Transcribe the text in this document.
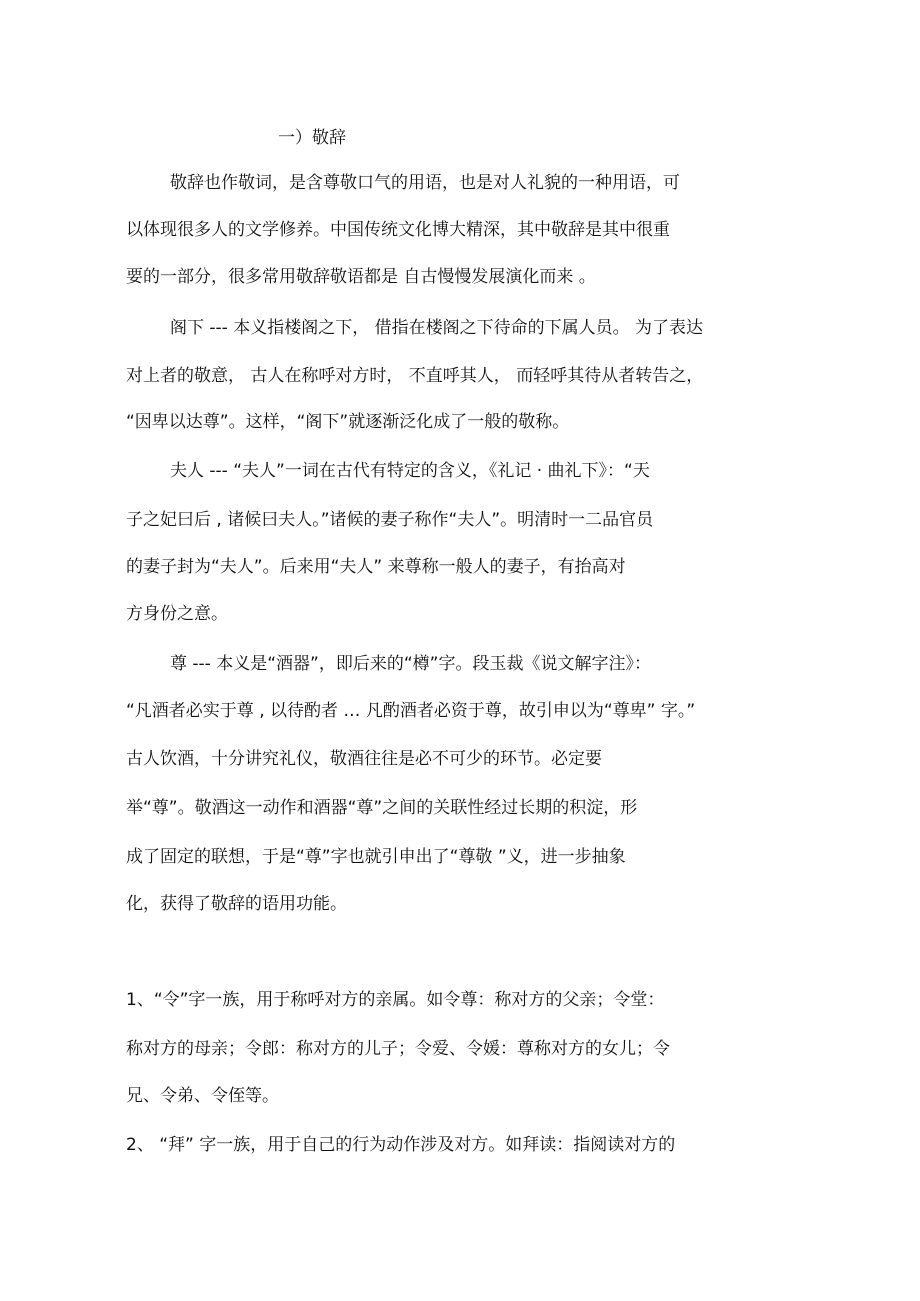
一）敬辞
敬辞也作敬词，是含尊敬口气的用语，也是对人礼貌的一种用语，可
以体现很多人的文学修养。中国传统文化博大精深，其中敬辞是其中很重
要的一部分，很多常用敬辞敬语都是 自古慢慢发展演化而来 。
阁下 --- 本义指楼阁之下， 借指在楼阁之下待命的下属人员。 为了表达
对上者的敬意， 古人在称呼对方时， 不直呼其人， 而轻呼其待从者转告之，
“因卑以达尊”。这样，“阁下”就逐渐泛化成了一般的敬称。
夫人 --- “夫人”一词在古代有特定的含义，《礼记 · 曲礼下》：“天
子之妃曰后 , 诸候曰夫人。”诸候的妻子称作“夫人”。明清时一二品官员
的妻子封为“夫人”。后来用“夫人” 来尊称一般人的妻子，有抬高对
方身份之意。
尊 --- 本义是“酒器”，即后来的“樽”字。段玉裁《说文解字注》：
“凡酒者必实于尊 , 以待酌者 … 凡酌酒者必资于尊，故引申以为“尊卑” 字。”
古人饮酒，十分讲究礼仪，敬酒往往是必不可少的环节。必定要
举“尊”。敬酒这一动作和酒器“尊”之间的关联性经过长期的积淀，形
成了固定的联想，于是“尊”字也就引申出了“尊敬 ”义，进一步抽象
化，获得了敬辞的语用功能。
1、“令”字一族，用于称呼对方的亲属。如令尊：称对方的父亲；令堂：
称对方的母亲；令郎：称对方的儿子；令爱、令媛：尊称对方的女儿；令
兄、令弟、令侄等。
2、 “拜” 字一族，用于自己的行为动作涉及对方。如拜读：指阅读对方的
